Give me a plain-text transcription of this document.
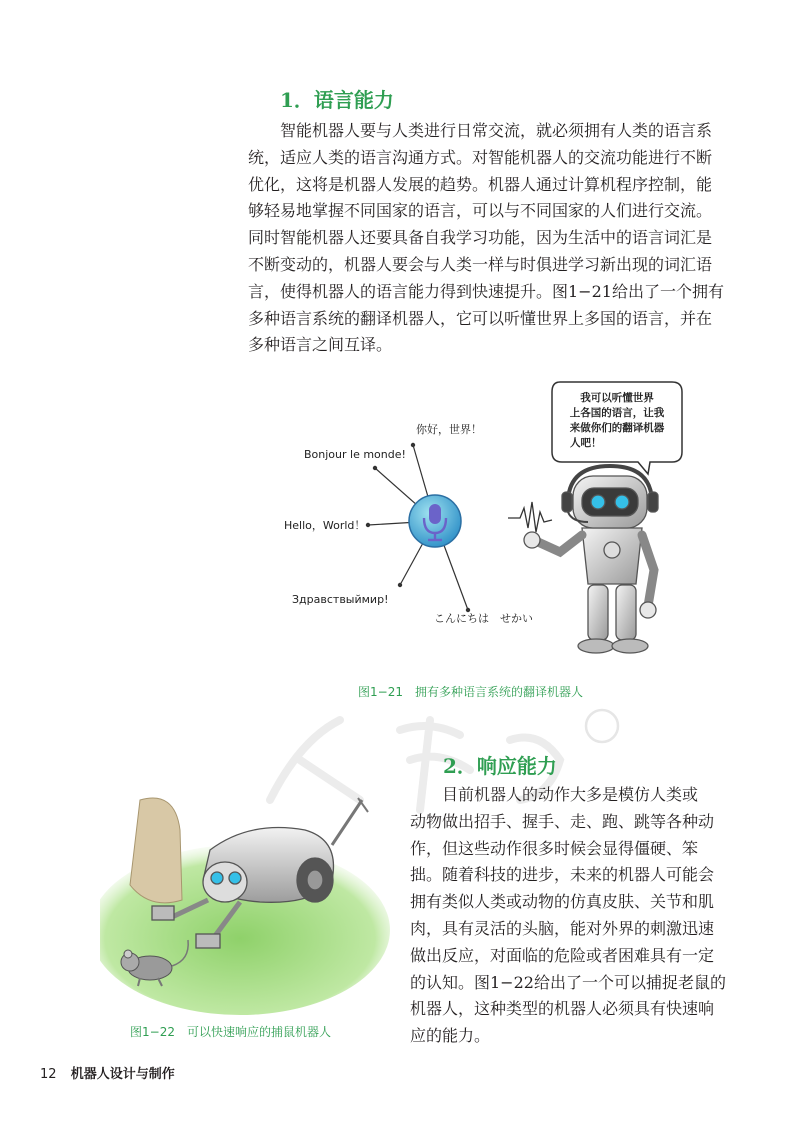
1．语言能力
智能机器人要与人类进行日常交流，就必须拥有人类的语言系
统，适应人类的语言沟通方式。对智能机器人的交流功能进行不断
优化，这将是机器人发展的趋势。机器人通过计算机程序控制，能
够轻易地掌握不同国家的语言，可以与不同国家的人们进行交流。
同时智能机器人还要具备自我学习功能，因为生活中的语言词汇是
不断变动的，机器人要会与人类一样与时俱进学习新出现的词汇语
言，使得机器人的语言能力得到快速提升。图1−21给出了一个拥有
多种语言系统的翻译机器人，它可以听懂世界上多国的语言，并在
多种语言之间互译。
你好，世界！
Bonjour le monde!
Hello，World！
Здравствыймир!
こんにちは　せかい
我可以听懂世界
上各国的语言，让我
来做你们的翻译机器
人吧！
图1−21　拥有多种语言系统的翻译机器人
2．响应能力
目前机器人的动作大多是模仿人类或
动物做出招手、握手、走、跑、跳等各种动
作，但这些动作很多时候会显得僵硬、笨
拙。随着科技的进步，未来的机器人可能会
拥有类似人类或动物的仿真皮肤、关节和肌
肉，具有灵活的头脑，能对外界的刺激迅速
做出反应，对面临的危险或者困难具有一定
的认知。图1−22给出了一个可以捕捉老鼠的
机器人，这种类型的机器人必须具有快速响
应的能力。
图1−22　可以快速响应的捕鼠机器人
12 机器人设计与制作
